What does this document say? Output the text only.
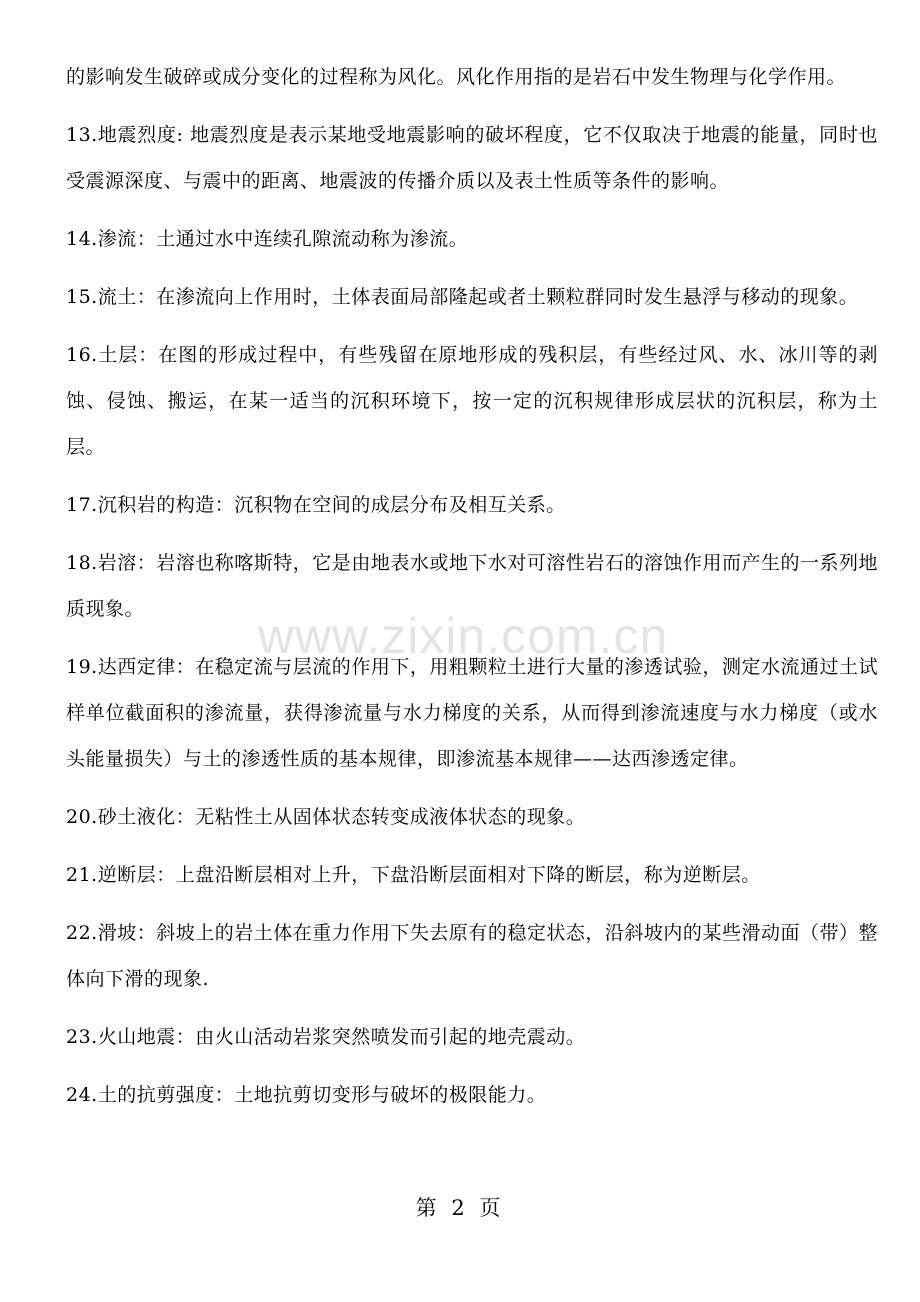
的影响发生破碎或成分变化的过程称为风化。风化作用指的是岩石中发生物理与化学作用。

13.地震烈度: 地震烈度是表示某地受地震影响的破坏程度，它不仅取决于地震的能量，同时也受震源深度、与震中的距离、地震波的传播介质以及表土性质等条件的影响。

14.渗流：土通过水中连续孔隙流动称为渗流。

15.流土：在渗流向上作用时，土体表面局部隆起或者土颗粒群同时发生悬浮与移动的现象。

16.土层：在图的形成过程中，有些残留在原地形成的残积层，有些经过风、水、冰川等的剥蚀、侵蚀、搬运，在某一适当的沉积环境下，按一定的沉积规律形成层状的沉积层，称为土层。

17.沉积岩的构造：沉积物在空间的成层分布及相互关系。

18.岩溶：岩溶也称喀斯特，它是由地表水或地下水对可溶性岩石的溶蚀作用而产生的一系列地质现象。

19.达西定律：在稳定流与层流的作用下，用粗颗粒土进行大量的渗透试验，测定水流通过土试样单位截面积的渗流量，获得渗流量与水力梯度的关系，从而得到渗流速度与水力梯度（或水头能量损失）与土的渗透性质的基本规律，即渗流基本规律——达西渗透定律。

20.砂土液化：无粘性土从固体状态转变成液体状态的现象。

21.逆断层：上盘沿断层相对上升，下盘沿断层面相对下降的断层，称为逆断层。

22.滑坡：斜坡上的岩土体在重力作用下失去原有的稳定状态，沿斜坡内的某些滑动面（带）整体向下滑的现象.

23.火山地震：由火山活动岩浆突然喷发而引起的地壳震动。

24.土的抗剪强度：土地抗剪切变形与破坏的极限能力。

www.zixin.com.cn
第 2 页
